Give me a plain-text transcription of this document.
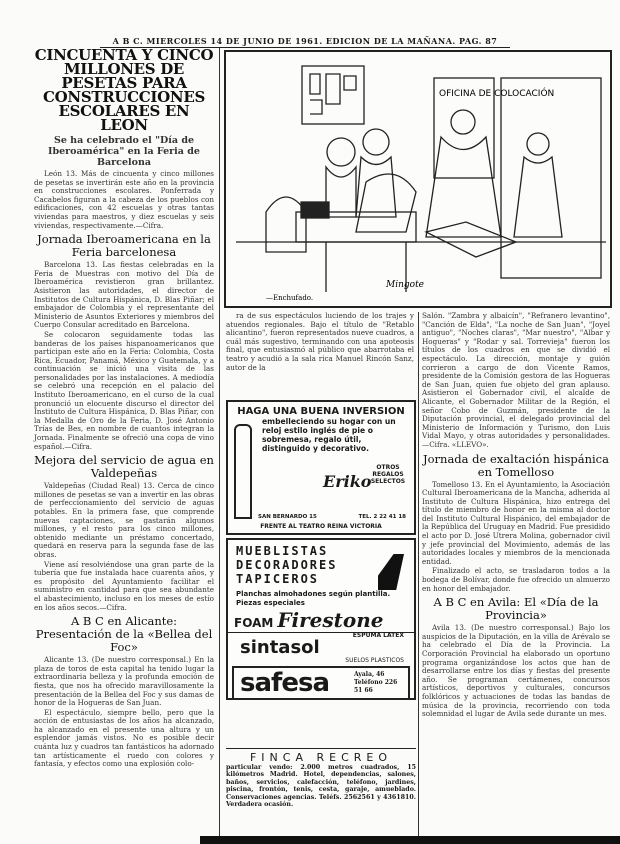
A B C. MIERCOLES 14 DE JUNIO DE 1961. EDICION DE LA MAÑANA. PAG. 87
CINCUENTA Y CINCO MILLONES DE PESETAS PARA CONSTRUCCIONES ESCOLARES EN LEON
Se ha celebrado el "Día de Iberoamérica" en la Feria de Barcelona

León 13. Más de cincuenta y cinco millones de pesetas se invertirán este año en la provincia en construcciones escolares. Ponferrada y Cacabelos figuran a la cabeza de los pueblos con edificaciones, con 42 escuelas y otras tantas viviendas para maestros, y diez escuelas y seis viviendas, respectivamente.—Cifra.

Jornada Iberoamericana en la Feria barcelonesa

Barcelona 13. Las fiestas celebradas en la Feria de Muestras con motivo del Día de Iberoamérica revistieron gran brillantez. Asistieron las autoridades, el director de Institutos de Cultura Hispánica, D. Blas Piñar; el embajador de Colombia y el representante del Ministerio de Asuntos Exteriores y miembros del Cuerpo Consular acreditado en Barcelona.

Se colocaron seguidamente todas las banderas de los países hispanoamericanos que participan este año en la Feria: Colombia, Costa Rica, Ecuador, Panamá, México y Guatemala, y a continuación se inició una visita de las personalidades por las instalaciones. A mediodía se celebró una recepción en el palacio del Instituto Iberoamericano, en el curso de la cual pronunció un elocuente discurso el director del Instituto de Cultura Hispánica, D. Blas Piñar, con la Medalla de Oro de la Feria, D. José Antonio Trías de Bes, en nombre de cuantos integran la Jornada. Finalmente se ofreció una copa de vino español.—Cifra.

Mejora del servicio de agua en Valdepeñas

Valdepeñas (Ciudad Real) 13. Cerca de cinco millones de pesetas se van a invertir en las obras de perfeccionamiento del servicio de aguas potables. En la primera fase, que comprende nuevas captaciones, se gastarán algunos millones, y el resto para los cinco millones, obtenido mediante un préstamo concertado, quedará en reserva para la segunda fase de las obras.

Viene así resolviéndose una gran parte de la tubería que fue instalada hace cuarenta años, y es propósito del Ayuntamiento facilitar el suministro en cantidad para que sea abundante el abastecimiento, incluso en los meses de estío en los años secos.—Cifra.

A B C en Alicante: Presentación de la «Bellea del Foc»

Alicante 13. (De nuestro corresponsal.) En la plaza de toros de esta capital ha tenido lugar la extraordinaria belleza y la profunda emoción de fiesta, que nos ha ofrecido maravillosamente la presentación de la Bellea del Foc y sus damas de honor de la Hogueras de San Juan.

El espectáculo, siempre bello, pero que la acción de entusiastas de los años ha alcanzado, ha alcanzado en el presente una altura y un esplendor jamás vistos. No es posible decir cuánta luz y cuadros tan fantásticos ha adornado tan artísticamente el ruedo con colores y fantasía, y efectos como una explosión colo-

OFICINA DE COLOCACIÓN
Mingote
—Enchufado.

ra de sus espectáculos luciendo de los trajes y atuendos regionales. Bajo el título de "Retablo alicantino", fueron representados nueve cuadros, a cuál más sugestivo, terminando con una apoteosis final, que entusiasmó al público que abarrotaba el teatro y acudió a la sala rica Manuel Rincón Sanz, autor de la

HAGA UNA BUENA INVERSION
embelleciendo su hogar con un reloj estilo inglés de pie o sobremesa, regalo útil, distinguido y decorativo.
Eriko
OTROS REGALOS SELECTOS
SAN BERNARDO 15	TEL. 2 22 41 18
FRENTE AL TEATRO REINA VICTORIA
MUEBLISTAS DECORADORES TAPICEROS
Planchas almohadones según plantilla. Piezas especiales
FOAM Firestone
ESPUMA LATEX
sintasol
SUELOS PLASTICOS
safesa	Ayala, 46 Teléfono 226 51 66
FINCA RECREO
particular vendo: 2.000 metros cuadrados, 15 kilómetros Madrid. Hotel, dependencias, salones, baños, servicios, calefacción, teléfono, jardines, piscina, frontón, tenis, cesta, garaje, amueblado. Conservaciones agencias. Teléfs. 2562561 y 4361810. Verdadera ocasión.

Salón. "Zambra y albaicín", "Refranero levantino", "Canción de Elda", "La noche de San Juan", "Joyel antiguo", "Noches claras", "Mar nuestro", "Albar y Hogueras" y "Rodar y sal. Torrevieja" fueron los títulos de los cuadros en que se dividió el espectáculo. La dirección, montaje y guión corrieron a cargo de don Vicente Ramos, presidente de la Comisión gestora de las Hogueras de San Juan, quien fue objeto del gran aplauso. Asistieron el Gobernador civil, el alcalde de Alicante, el Gobernador Militar de la Región, el señor Cobo de Guzmán, presidente de la Diputación provincial, el delegado provincial del Ministerio de Información y Turismo, don Luis Vidal Mayo, y otras autoridades y personalidades.—Cifra. «LLEVO».

Jornada de exaltación hispánica en Tomelloso

Tomelloso 13. En el Ayuntamiento, la Asociación Cultural Iberoamericana de la Mancha, adherida al Instituto de Cultura Hispánica, hizo entrega del título de miembro de honor en la misma al doctor del Instituto Cultural Hispánico, del embajador de la República del Uruguay en Madrid. Fue presidido el acto por D. José Utrera Molina, gobernador civil y jefe provincial del Movimiento, además de las autoridades locales y miembros de la mencionada entidad.

Finalizado el acto, se trasladaron todos a la bodega de Bolívar, donde fue ofrecido un almuerzo en honor del embajador.

A B C en Avila: El «Día de la Provincia»

Avila 13. (De nuestro corresponsal.) Bajo los auspicios de la Diputación, en la villa de Arévalo se ha celebrado el Día de la Provincia. La Corporación Provincial ha elaborado un oportuno programa organizándose los actos que han de desarrollarse entre los días y fiestas del presente año. Se programan certámenes, concursos artísticos, deportivos y culturales, concursos folklóricos y actuaciones de todas las bandas de música de la provincia, recorriendo con toda solemnidad el lugar de Avila sede durante un mes.
